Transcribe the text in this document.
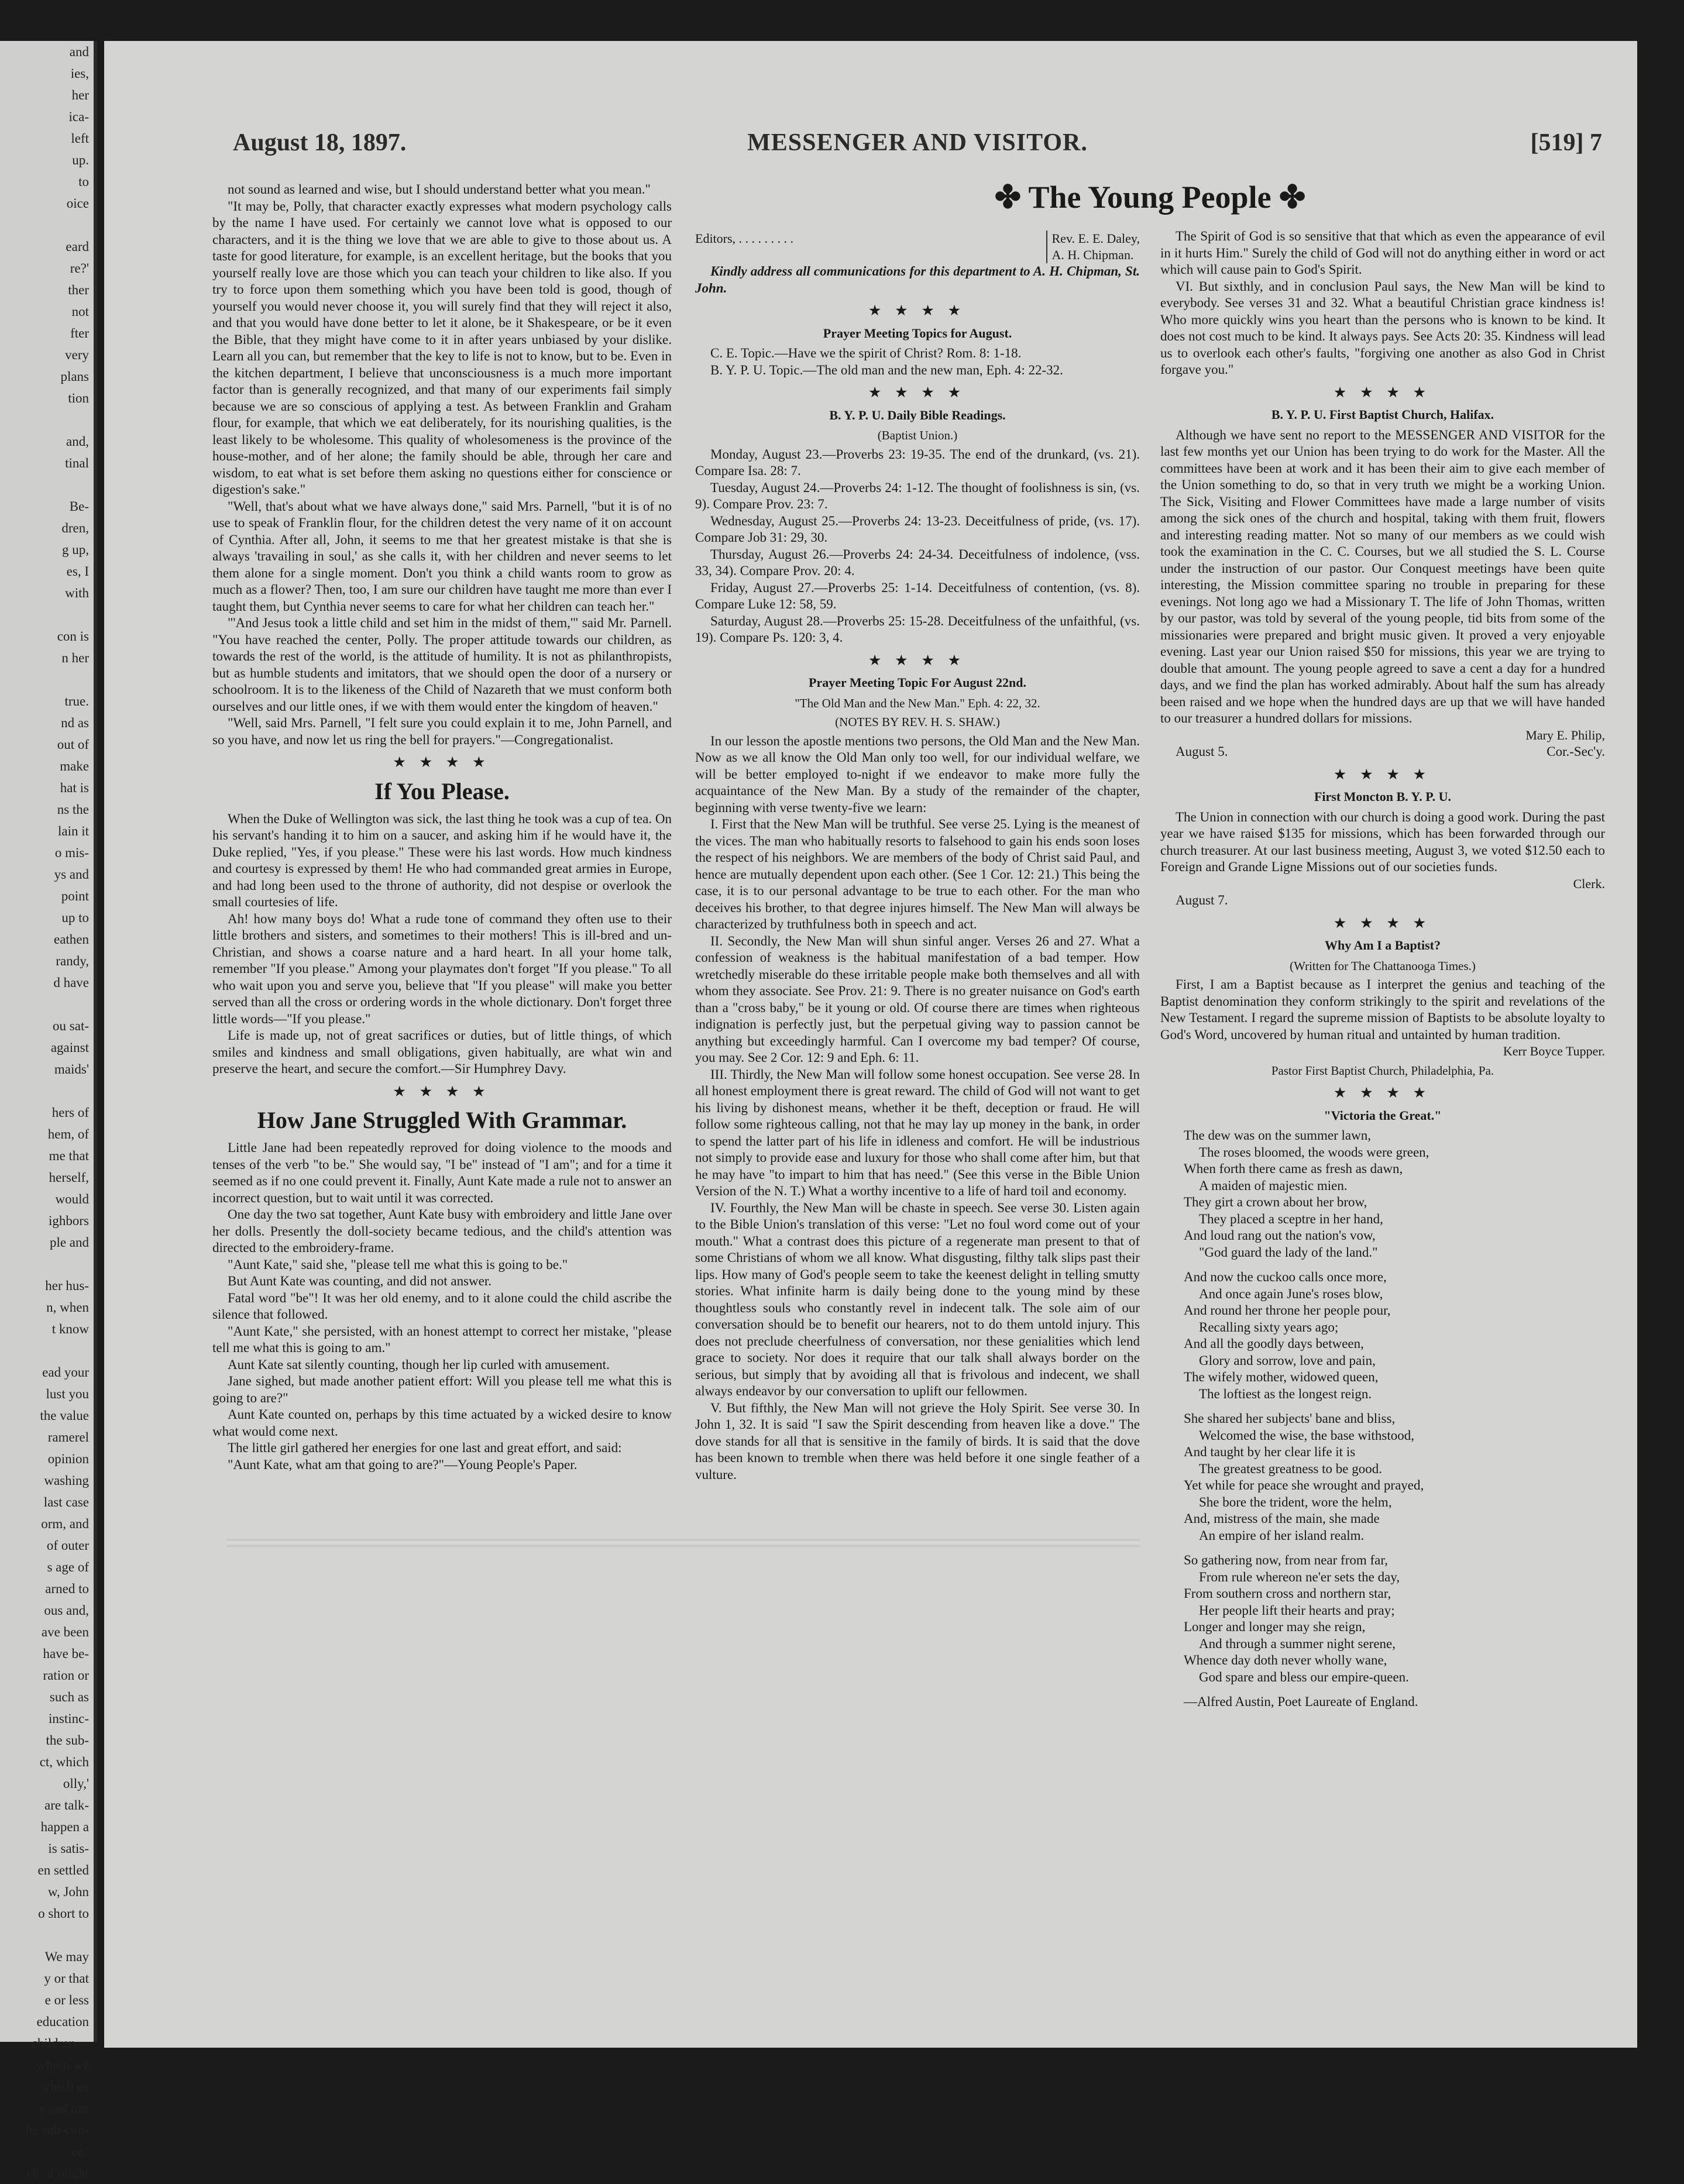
and
ies,
her
ica-
left
up.
to
oice

eard
re?'
ther
not
fter
very
plans
tion

and,
tinal

Be-
dren,
g up,
es, I
with

con is
n her

true.
nd as
out of
make
hat is
ns the
lain it
o mis-
ys and
point
up to
eathen
randy,
d have

ou sat-
against
maids'

hers of
hem, of
me that
herself,
would
ighbors
ple and

her hus-
n, when
t know

ead your
lust you
the value
ramerel
opinion
washing
last case
orm, and
of outer
s age of
arned to
ous and,
ave been
have be-
ration or
such as
instinc-
the sub-
ct, which
olly,'
are talk-
happen a
is satis-
en settled
w, John
o short to

We may
y or that
e or less
education
children—
whom we
which us
s and our
he sub-con-
ce,'
ell, it might
August 18, 1897.	MESSENGER AND VISITOR.	[519] 7

not sound as learned and wise, but I should understand better what you mean."

"It may be, Polly, that character exactly expresses what modern psychology calls by the name I have used. For certainly we cannot love what is opposed to our characters, and it is the thing we love that we are able to give to those about us. A taste for good literature, for example, is an excellent heritage, but the books that you yourself really love are those which you can teach your children to like also. If you try to force upon them something which you have been told is good, though of yourself you would never choose it, you will surely find that they will reject it also, and that you would have done better to let it alone, be it Shakespeare, or be it even the Bible, that they might have come to it in after years unbiased by your dislike. Learn all you can, but remember that the key to life is not to know, but to be. Even in the kitchen department, I believe that unconsciousness is a much more important factor than is generally recognized, and that many of our experiments fail simply because we are so conscious of applying a test. As between Franklin and Graham flour, for example, that which we eat deliberately, for its nourishing qualities, is the least likely to be wholesome. This quality of wholesomeness is the province of the house-mother, and of her alone; the family should be able, through her care and wisdom, to eat what is set before them asking no questions either for conscience or digestion's sake."

"Well, that's about what we have always done," said Mrs. Parnell, "but it is of no use to speak of Franklin flour, for the children detest the very name of it on account of Cynthia. After all, John, it seems to me that her greatest mistake is that she is always 'travailing in soul,' as she calls it, with her children and never seems to let them alone for a single moment. Don't you think a child wants room to grow as much as a flower? Then, too, I am sure our children have taught me more than ever I taught them, but Cynthia never seems to care for what her children can teach her."

"'And Jesus took a little child and set him in the midst of them,'" said Mr. Parnell. "You have reached the center, Polly. The proper attitude towards our children, as towards the rest of the world, is the attitude of humility. It is not as philanthropists, but as humble students and imitators, that we should open the door of a nursery or schoolroom. It is to the likeness of the Child of Nazareth that we must conform both ourselves and our little ones, if we with them would enter the kingdom of heaven."

"Well, said Mrs. Parnell, "I felt sure you could explain it to me, John Parnell, and so you have, and now let us ring the bell for prayers."—Congregationalist.

★ ★ ★ ★
If You Please.

When the Duke of Wellington was sick, the last thing he took was a cup of tea. On his servant's handing it to him on a saucer, and asking him if he would have it, the Duke replied, "Yes, if you please." These were his last words. How much kindness and courtesy is expressed by them! He who had commanded great armies in Europe, and had long been used to the throne of authority, did not despise or overlook the small courtesies of life.

Ah! how many boys do! What a rude tone of command they often use to their little brothers and sisters, and sometimes to their mothers! This is ill-bred and un-Christian, and shows a coarse nature and a hard heart. In all your home talk, remember "If you please." Among your playmates don't forget "If you please." To all who wait upon you and serve you, believe that "If you please" will make you better served than all the cross or ordering words in the whole dictionary. Don't forget three little words—"If you please."

Life is made up, not of great sacrifices or duties, but of little things, of which smiles and kindness and small obligations, given habitually, are what win and preserve the heart, and secure the comfort.—Sir Humphrey Davy.

★ ★ ★ ★
How Jane Struggled With Grammar.

Little Jane had been repeatedly reproved for doing violence to the moods and tenses of the verb "to be." She would say, "I be" instead of "I am"; and for a time it seemed as if no one could prevent it. Finally, Aunt Kate made a rule not to answer an incorrect question, but to wait until it was corrected.

One day the two sat together, Aunt Kate busy with embroidery and little Jane over her dolls. Presently the doll-society became tedious, and the child's attention was directed to the embroidery-frame.

"Aunt Kate," said she, "please tell me what this is going to be."

But Aunt Kate was counting, and did not answer.

Fatal word "be"! It was her old enemy, and to it alone could the child ascribe the silence that followed.

"Aunt Kate," she persisted, with an honest attempt to correct her mistake, "please tell me what this is going to am."

Aunt Kate sat silently counting, though her lip curled with amusement.

Jane sighed, but made another patient effort: Will you please tell me what this is going to are?"

Aunt Kate counted on, perhaps by this time actuated by a wicked desire to know what would come next.

The little girl gathered her energies for one last and great effort, and said:

"Aunt Kate, what am that going to are?"—Young People's Paper.

✤ The Young People ✤
Editors, . . . . . . . . .	Rev. E. E. Daley,
A. H. Chipman.

Kindly address all communications for this department to A. H. Chipman, St. John.

★ ★ ★ ★
Prayer Meeting Topics for August.

C. E. Topic.—Have we the spirit of Christ? Rom. 8: 1-18.

B. Y. P. U. Topic.—The old man and the new man, Eph. 4: 22-32.

★ ★ ★ ★
B. Y. P. U. Daily Bible Readings.
(Baptist Union.)

Monday, August 23.—Proverbs 23: 19-35. The end of the drunkard, (vs. 21). Compare Isa. 28: 7.

Tuesday, August 24.—Proverbs 24: 1-12. The thought of foolishness is sin, (vs. 9). Compare Prov. 23: 7.

Wednesday, August 25.—Proverbs 24: 13-23. Deceitfulness of pride, (vs. 17). Compare Job 31: 29, 30.

Thursday, August 26.—Proverbs 24: 24-34. Deceitfulness of indolence, (vss. 33, 34). Compare Prov. 20: 4.

Friday, August 27.—Proverbs 25: 1-14. Deceitfulness of contention, (vs. 8). Compare Luke 12: 58, 59.

Saturday, August 28.—Proverbs 25: 15-28. Deceitfulness of the unfaithful, (vs. 19). Compare Ps. 120: 3, 4.

★ ★ ★ ★
Prayer Meeting Topic For August 22nd.
"The Old Man and the New Man." Eph. 4: 22, 32.
(NOTES BY REV. H. S. SHAW.)

In our lesson the apostle mentions two persons, the Old Man and the New Man. Now as we all know the Old Man only too well, for our individual welfare, we will be better employed to-night if we endeavor to make more fully the acquaintance of the New Man. By a study of the remainder of the chapter, beginning with verse twenty-five we learn:

I. First that the New Man will be truthful. See verse 25. Lying is the meanest of the vices. The man who habitually resorts to falsehood to gain his ends soon loses the respect of his neighbors. We are members of the body of Christ said Paul, and hence are mutually dependent upon each other. (See 1 Cor. 12: 21.) This being the case, it is to our personal advantage to be true to each other. For the man who deceives his brother, to that degree injures himself. The New Man will always be characterized by truthfulness both in speech and act.

II. Secondly, the New Man will shun sinful anger. Verses 26 and 27. What a confession of weakness is the habitual manifestation of a bad temper. How wretchedly miserable do these irritable people make both themselves and all with whom they associate. See Prov. 21: 9. There is no greater nuisance on God's earth than a "cross baby," be it young or old. Of course there are times when righteous indignation is perfectly just, but the perpetual giving way to passion cannot be anything but exceedingly harmful. Can I overcome my bad temper? Of course, you may. See 2 Cor. 12: 9 and Eph. 6: 11.

III. Thirdly, the New Man will follow some honest occupation. See verse 28. In all honest employment there is great reward. The child of God will not want to get his living by dishonest means, whether it be theft, deception or fraud. He will follow some righteous calling, not that he may lay up money in the bank, in order to spend the latter part of his life in idleness and comfort. He will be industrious not simply to provide ease and luxury for those who shall come after him, but that he may have "to impart to him that has need." (See this verse in the Bible Union Version of the N. T.) What a worthy incentive to a life of hard toil and economy.

IV. Fourthly, the New Man will be chaste in speech. See verse 30. Listen again to the Bible Union's translation of this verse: "Let no foul word come out of your mouth." What a contrast does this picture of a regenerate man present to that of some Christians of whom we all know. What disgusting, filthy talk slips past their lips. How many of God's people seem to take the keenest delight in telling smutty stories. What infinite harm is daily being done to the young mind by these thoughtless souls who constantly revel in indecent talk. The sole aim of our conversation should be to benefit our hearers, not to do them untold injury. This does not preclude cheerfulness of conversation, nor these genialities which lend grace to society. Nor does it require that our talk shall always border on the serious, but simply that by avoiding all that is frivolous and indecent, we shall always endeavor by our conversation to uplift our fellowmen.

V. But fifthly, the New Man will not grieve the Holy Spirit. See verse 30. In John 1, 32. It is said "I saw the Spirit descending from heaven like a dove." The dove stands for all that is sensitive in the family of birds. It is said that the dove has been known to tremble when there was held before it one single feather of a vulture.

The Spirit of God is so sensitive that that which as even the appearance of evil in it hurts Him." Surely the child of God will not do anything either in word or act which will cause pain to God's Spirit.

VI. But sixthly, and in conclusion Paul says, the New Man will be kind to everybody. See verses 31 and 32. What a beautiful Christian grace kindness is! Who more quickly wins you heart than the persons who is known to be kind. It does not cost much to be kind. It always pays. See Acts 20: 35. Kindness will lead us to overlook each other's faults, "forgiving one another as also God in Christ forgave you."

★ ★ ★ ★
B. Y. P. U. First Baptist Church, Halifax.

Although we have sent no report to the MESSENGER AND VISITOR for the last few months yet our Union has been trying to do work for the Master. All the committees have been at work and it has been their aim to give each member of the Union something to do, so that in very truth we might be a working Union. The Sick, Visiting and Flower Committees have made a large number of visits among the sick ones of the church and hospital, taking with them fruit, flowers and interesting reading matter. Not so many of our members as we could wish took the examination in the C. C. Courses, but we all studied the S. L. Course under the instruction of our pastor. Our Conquest meetings have been quite interesting, the Mission committee sparing no trouble in preparing for these evenings. Not long ago we had a Missionary T. The life of John Thomas, written by our pastor, was told by several of the young people, tid bits from some of the missionaries were prepared and bright music given. It proved a very enjoyable evening. Last year our Union raised $50 for missions, this year we are trying to double that amount. The young people agreed to save a cent a day for a hundred days, and we find the plan has worked admirably. About half the sum has already been raised and we hope when the hundred days are up that we will have handed to our treasurer a hundred dollars for missions.

Mary E. Philip,
August 5.	Cor.-Sec'y.
★ ★ ★ ★
First Moncton B. Y. P. U.

The Union in connection with our church is doing a good work. During the past year we have raised $135 for missions, which has been forwarded through our church treasurer. At our last business meeting, August 3, we voted $12.50 each to Foreign and Grande Ligne Missions out of our societies funds.

Clerk.
August 7.
★ ★ ★ ★
Why Am I a Baptist?
(Written for The Chattanooga Times.)

First, I am a Baptist because as I interpret the genius and teaching of the Baptist denomination they conform strikingly to the spirit and revelations of the New Testament. I regard the supreme mission of Baptists to be absolute loyalty to God's Word, uncovered by human ritual and untainted by human tradition.

Kerr Boyce Tupper.
Pastor First Baptist Church, Philadelphia, Pa.
★ ★ ★ ★
"Victoria the Great."
The dew was on the summer lawn,
The roses bloomed, the woods were green,
When forth there came as fresh as dawn,
A maiden of majestic mien.
They girt a crown about her brow,
They placed a sceptre in her hand,
And loud rang out the nation's vow,
"God guard the lady of the land."
And now the cuckoo calls once more,
And once again June's roses blow,
And round her throne her people pour,
Recalling sixty years ago;
And all the goodly days between,
Glory and sorrow, love and pain,
The wifely mother, widowed queen,
The loftiest as the longest reign.
She shared her subjects' bane and bliss,
Welcomed the wise, the base withstood,
And taught by her clear life it is
The greatest greatness to be good.
Yet while for peace she wrought and prayed,
She bore the trident, wore the helm,
And, mistress of the main, she made
An empire of her island realm.
So gathering now, from near from far,
From rule whereon ne'er sets the day,
From southern cross and northern star,
Her people lift their hearts and pray;
Longer and longer may she reign,
And through a summer night serene,
Whence day doth never wholly wane,
God spare and bless our empire-queen.
—Alfred Austin, Poet Laureate of England.
